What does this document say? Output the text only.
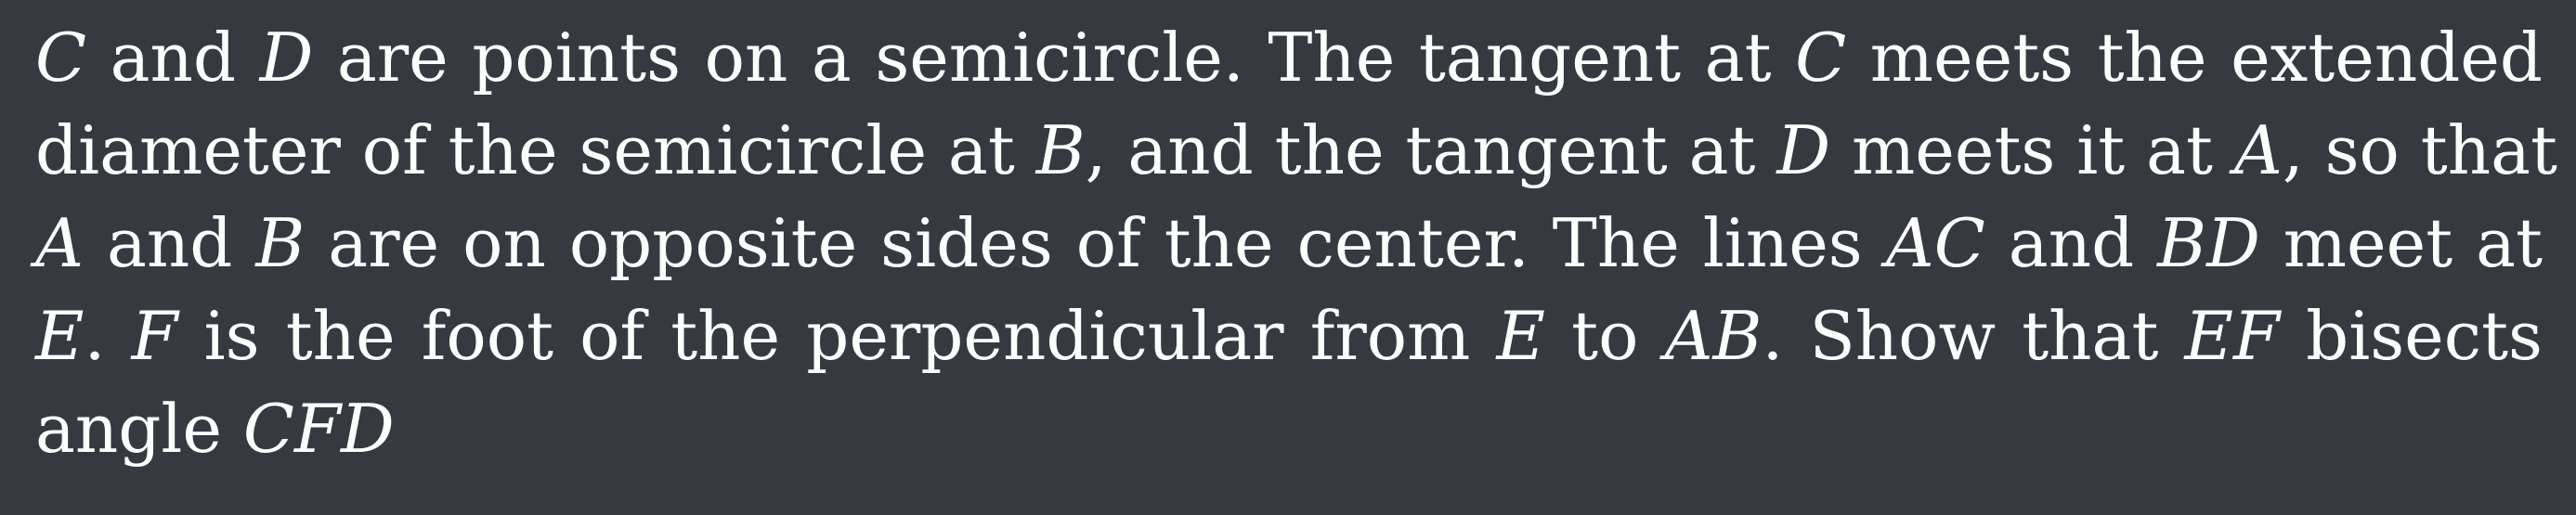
C and D are points on a semicircle. The tangent at C meets the extended
diameter of the semicircle at B, and the tangent at D meets it at A, so that
A and B are on opposite sides of the center. The lines AC and BD meet at
E. F is the foot of the perpendicular from E to AB. Show that EF bisects
angle CFD
